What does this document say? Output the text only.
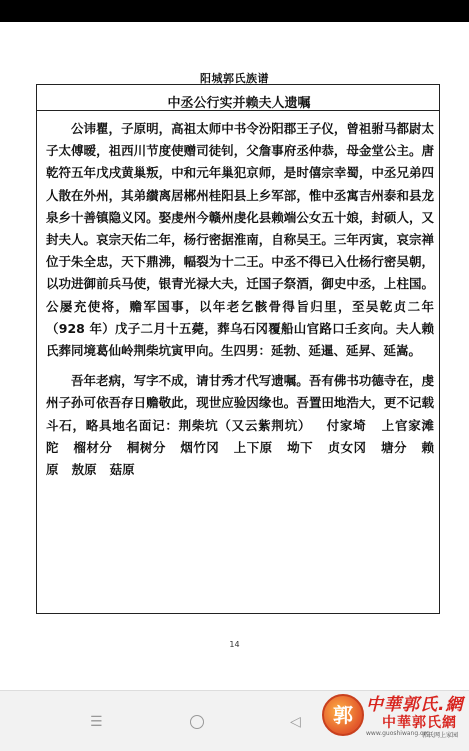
阳城郭氏族谱
中丞公行实并赖夫人遗嘱

公讳瞿，子原明，高祖太师中书令汾阳郡王子仪，曾祖驸马都尉太子太傅暧，祖西川节度使赠司徒钊，父詹事府丞仲恭，母金堂公主。唐乾符五年戊戌黄巢叛，中和元年巢犯京师，是时僖宗幸蜀，中丞兄弟四人散在外州，其弟纉离居郴州桂阳县上乡军部，惟中丞寓吉州泰和县龙泉乡十善镇隐义冈。娶虔州今赣州虔化县赖端公女五十娘，封硕人，又封夫人。哀宗天佑二年，杨行密据淮南，自称吴王。三年丙寅，哀宗禅位于朱全忠，天下鼎沸，幅裂为十二王。中丞不得已入仕杨行密吴朝，以功进御前兵马使，银青光禄大夫，迁国子祭酒，御史中丞，上柱国。公屡充使将，赡军国事，以年老乞骸骨得旨归里，至吴乾贞二年（928 年）戊子二月十五薨，葬乌石冈覆船山官路口壬亥向。夫人赖氏葬同境葛仙岭荆柴坑寅甲向。生四男：延勃、延暹、延昇、延嵩。

吾年老病，写字不成，请甘秀才代写遗嘱。吾有佛书功德寺在，虔州子孙可依吾存日赡敬此，现世应验因缘也。吾置田地浩大，更不记载斗石，略具地名面记：荆柴坑（又云紫荆坑） 付家埼 上官家滩陀 榴材分 桐树分 烟竹冈 上下原 坳下 贞女冈 塘分 赖原 敖原 菇原

14
☰	◁	郭 中華郭氏.網
中華郭氏網
www.guoshiwang.org
郭氏网上家园
